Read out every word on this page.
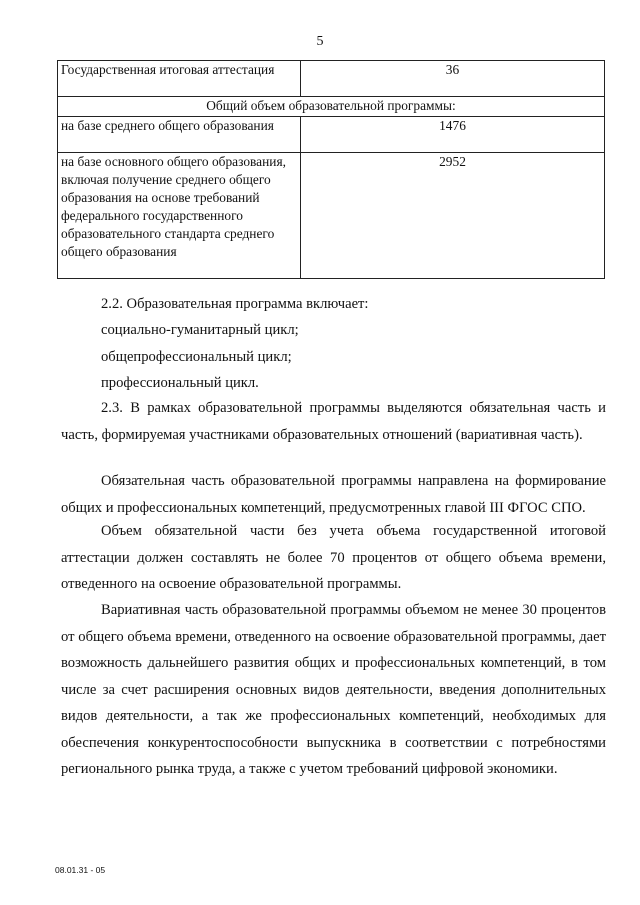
5
Государственная итоговая аттестация	36
Общий объем образовательной программы:	
на базе среднего общего образования	1476
на базе основного общего образования, включая получение среднего общего образования на основе требований федерального государственного образовательного стандарта среднего общего образования	2952

2.2. Образовательная программа включает:

социально-гуманитарный цикл;

общепрофессиональный цикл;

профессиональный цикл.

2.3. В рамках образовательной программы выделяются обязательная часть и часть, формируемая участниками образовательных отношений (вариативная часть).

Обязательная часть образовательной программы направлена на формирование общих и профессиональных компетенций, предусмотренных главой III ФГОС СПО.

Объем обязательной части без учета объема государственной итоговой аттестации должен составлять не более 70 процентов от общего объема времени, отведенного на освоение образовательной программы.

Вариативная часть образовательной программы объемом не менее 30 процентов от общего объема времени, отведенного на освоение образовательной программы, дает возможность дальнейшего развития общих и профессиональных компетенций, в том числе за счет расширения основных видов деятельности, введения дополнительных видов деятельности, а так же профессиональных компетенций, необходимых для обеспечения конкурентоспособности выпускника в соответствии с потребностями регионального рынка труда, а также с учетом требований цифровой экономики.

08.01.31 - 05
